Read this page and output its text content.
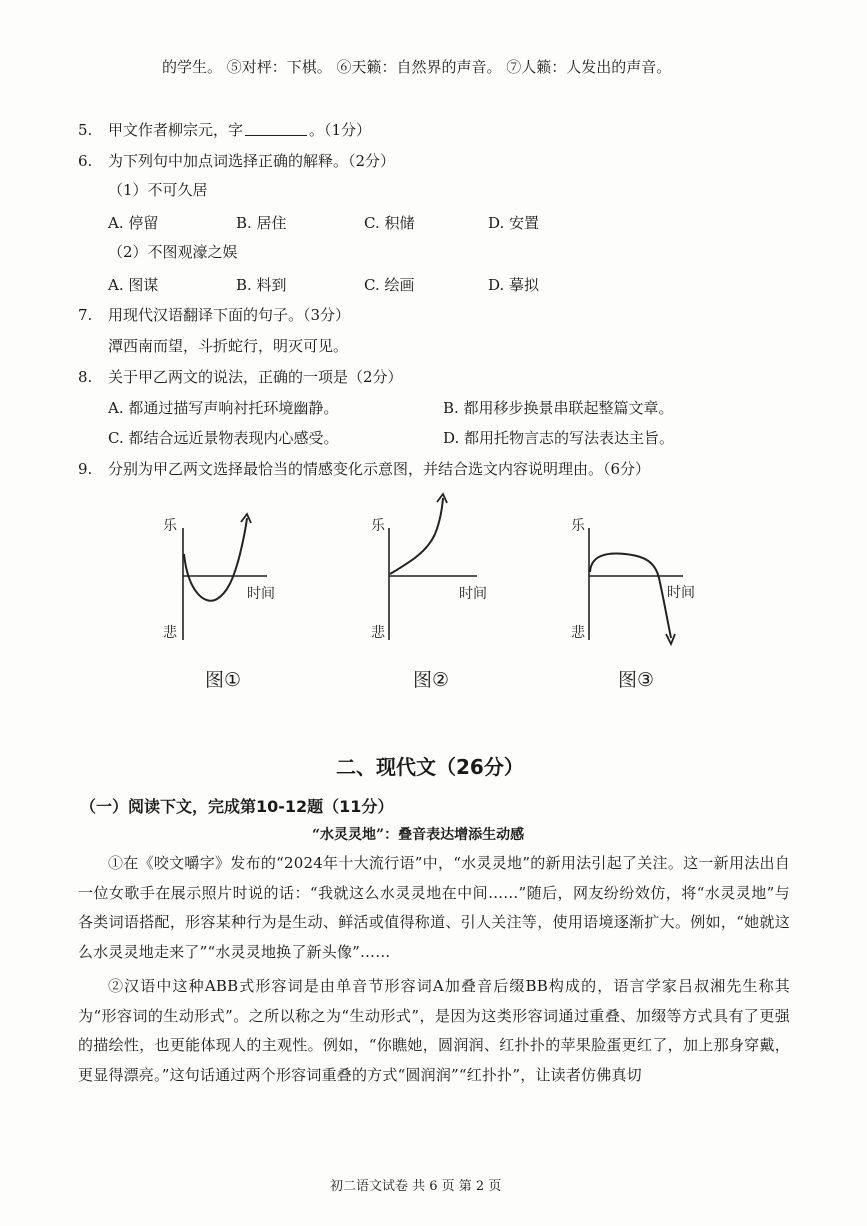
的学生。 ⑤对枰：下棋。 ⑥天籁：自然界的声音。 ⑦人籁：人发出的声音。
5. 甲文作者柳宗元，字	。（1分）
6. 为下列句中加点词选择正确的解释。（2分）
（1）不可久居
A. 停留	B. 居住	C. 积储	D. 安置
（2）不图观濠之娱
A. 图谋	B. 料到	C. 绘画	D. 摹拟
7. 用现代汉语翻译下面的句子。（3分）
潭西南而望，斗折蛇行，明灭可见。
8. 关于甲乙两文的说法，正确的一项是（2分）
A. 都通过描写声响衬托环境幽静。	B. 都用移步换景串联起整篇文章。
C. 都结合远近景物表现内心感受。	D. 都用托物言志的写法表达主旨。
9. 分别为甲乙两文选择最恰当的情感变化示意图，并结合选文内容说明理由。（6分）
乐
悲
时间
图①
乐
悲
时间
图②
乐
悲
时间
图③
二、现代文（26分）
（一）阅读下文，完成第10-12题（11分）
“水灵灵地”：叠音表达增添生动感
①在《咬文嚼字》发布的“2024年十大流行语”中，“水灵灵地”的新用法引起了关注。这一新用法出自一位女歌手在展示照片时说的话：“我就这么水灵灵地在中间……”随后，网友纷纷效仿，将“水灵灵地”与各类词语搭配，形容某种行为是生动、鲜活或值得称道、引人关注等，使用语境逐渐扩大。例如，“她就这么水灵灵地走来了”“水灵灵地换了新头像”……
②汉语中这种ABB式形容词是由单音节形容词A加叠音后缀BB构成的，语言学家吕叔湘先生称其为“形容词的生动形式”。之所以称之为“生动形式”，是因为这类形容词通过重叠、加缀等方式具有了更强的描绘性，也更能体现人的主观性。例如，“你瞧她，圆润润、红扑扑的苹果脸蛋更红了，加上那身穿戴，更显得漂亮。”这句话通过两个形容词重叠的方式“圆润润”“红扑扑”，让读者仿佛真切
初二语文试卷 共 6 页 第 2 页
